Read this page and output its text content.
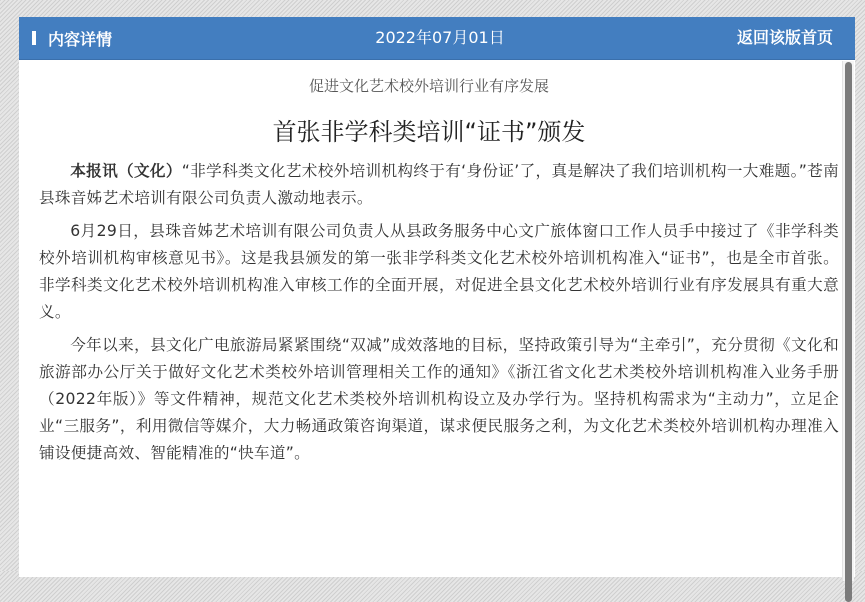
内容详情	2022年07月01日	返回该版首页
促进文化艺术校外培训行业有序发展
首张非学科类培训“证书”颁发

本报讯（文化）“非学科类文化艺术校外培训机构终于有‘身份证’了，真是解决了我们培训机构一大难题。”苍南县珠音姊艺术培训有限公司负责人激动地表示。

6月29日，县珠音姊艺术培训有限公司负责人从县政务服务中心文广旅体窗口工作人员手中接过了《非学科类校外培训机构审核意见书》。这是我县颁发的第一张非学科类文化艺术校外培训机构准入“证书”，也是全市首张。非学科类文化艺术校外培训机构准入审核工作的全面开展，对促进全县文化艺术校外培训行业有序发展具有重大意义。

今年以来，县文化广电旅游局紧紧围绕“双减”成效落地的目标，坚持政策引导为“主牵引”，充分贯彻《文化和旅游部办公厅关于做好文化艺术类校外培训管理相关工作的通知》《浙江省文化艺术类校外培训机构准入业务手册（2022年版）》等文件精神，规范文化艺术类校外培训机构设立及办学行为。坚持机构需求为“主动力”，立足企业“三服务”，利用微信等媒介，大力畅通政策咨询渠道，谋求便民服务之利，为文化艺术类校外培训机构办理准入铺设便捷高效、智能精准的“快车道”。
